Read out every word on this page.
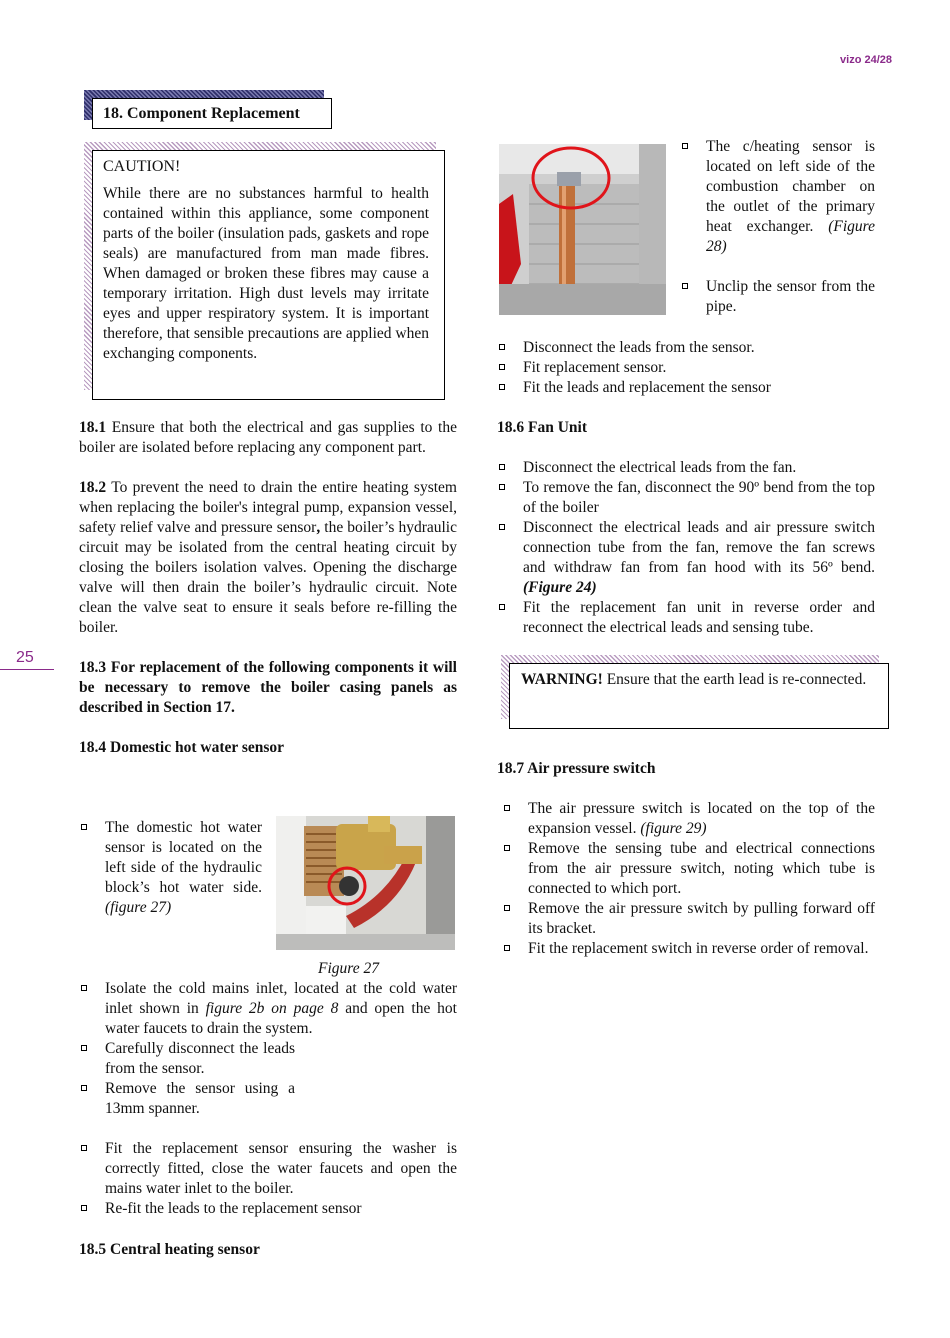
vizo 24/28
25
18. Component Replacement

CAUTION!

While there are no substances harmful to health contained within this appliance, some component parts of the boiler (insulation pads, gaskets and rope seals) are manufactured from man made fibres. When damaged or broken these fibres may cause a temporary irritation. High dust levels may irritate eyes and upper respiratory system. It is important therefore, that sensible precautions are applied when exchanging components.

18.1 Ensure that both the electrical and gas supplies to the boiler are isolated before replacing any component part.

18.2 To prevent the need to drain the entire heating system when replacing the boiler's integral pump, expansion vessel, safety relief valve and pressure sensor, the boiler’s hydraulic circuit may be isolated from the central heating circuit by closing the boilers isolation valves. Opening the discharge valve will then drain the boiler’s hydraulic circuit. Note clean the valve seat to ensure it seals before re-filling the boiler.

18.3 For replacement of the following components it will be necessary to remove the boiler casing panels as described in Section 17.

18.4 Domestic hot water sensor

The domestic hot water sensor is located on the left side of the hydraulic block’s hot water side. (figure 27)
Figure 27
Isolate the cold mains inlet, located at the cold water inlet shown in figure 2b on page 8 and open the hot water faucets to drain the system.
Carefully disconnect the leads from the sensor.
Remove the sensor using a 13mm spanner.
Fit the replacement sensor ensuring the washer is correctly fitted, close the water faucets and open the mains water inlet to the boiler.
Re-fit the leads to the replacement sensor

18.5 Central heating sensor

The c/heating sensor is located on left side of the combustion chamber on the outlet of the primary heat exchanger. (Figure 28)
Unclip the sensor from the pipe.
Disconnect the leads from the sensor.
Fit replacement sensor.
Fit the leads and replacement the sensor

18.6 Fan Unit

Disconnect the electrical leads from the fan.
To remove the fan, disconnect the 90º bend from the top of the boiler
Disconnect the electrical leads and air pressure switch connection tube from the fan, remove the fan screws and withdraw fan from fan hood with its 56º bend. (Figure 24)
Fit the replacement fan unit in reverse order and reconnect the electrical leads and sensing tube.

WARNING! Ensure that the earth lead is re-connected.

18.7 Air pressure switch

The air pressure switch is located on the top of the expansion vessel. (figure 29)
Remove the sensing tube and electrical connections from the air pressure switch, noting which tube is connected to which port.
Remove the air pressure switch by pulling forward off its bracket.
Fit the replacement switch in reverse order of removal.
